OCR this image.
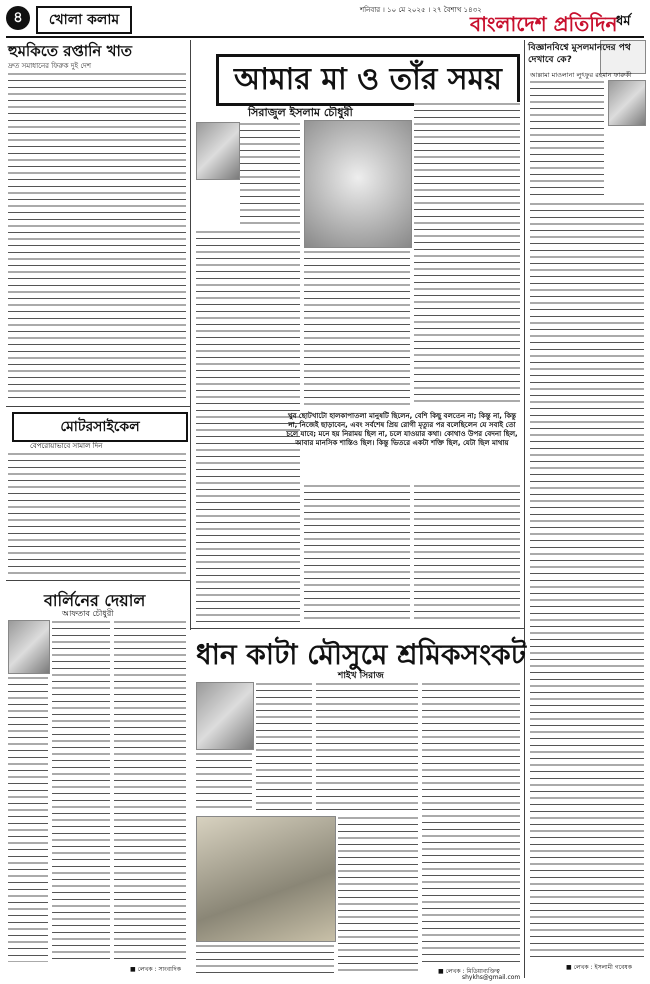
৪	খোলা কলাম
শনিবার । ১০ মে ২০২৫ । ২৭ বৈশাখ ১৪৩২
বাংলাদেশ প্রতিদিন
ধর্ম
হুমকিতে রপ্তানি খাত
দ্রুত সমাধানের ফিরুক দুই দেশ
মোটরসাইকেল
বেপরোয়াভাবে সামাল দিন
বার্লিনের দেয়াল
আফতাব চৌধুরী
■ লেখক : সাংবাদিক
আমার মা ও তাঁর সময়
সিরাজুল ইসলাম চৌধুরী
খুব ছোটখাটো হালকাপাতলা মানুষটি ছিলেন, বেশি কিছু বলতেন না; কিন্তু না, কিন্তু না, নিজেই ছাড়াবেন, এবং সর্বশেষ প্রিয় রোগী মৃত্যুর পর বলেছিলেন যে সবাই তো চলে যাবে; মনে হয় নিরাময় ছিল না, চলে যাওয়ার কথা। কোথাও উপর বেদনা ছিল, আবার মানসিক শান্তিও ছিল। কিন্তু ভিতরে একটা শক্তি ছিল, যেটা ছিল মাথায়
ধান কাটা মৌসুমে শ্রমিকসংকট
শাইখ সিরাজ
■ লেখক : মিডিয়াব্যক্তিত্ব
shykhs@gmail.com
বিজ্ঞানবিশ্বে মুসলমানদের পথ দেখাবে কে?
আল্লামা মাওলানা লুৎফুর রহমান ফারুকী
■ লেখক : ইসলামী গবেষক
